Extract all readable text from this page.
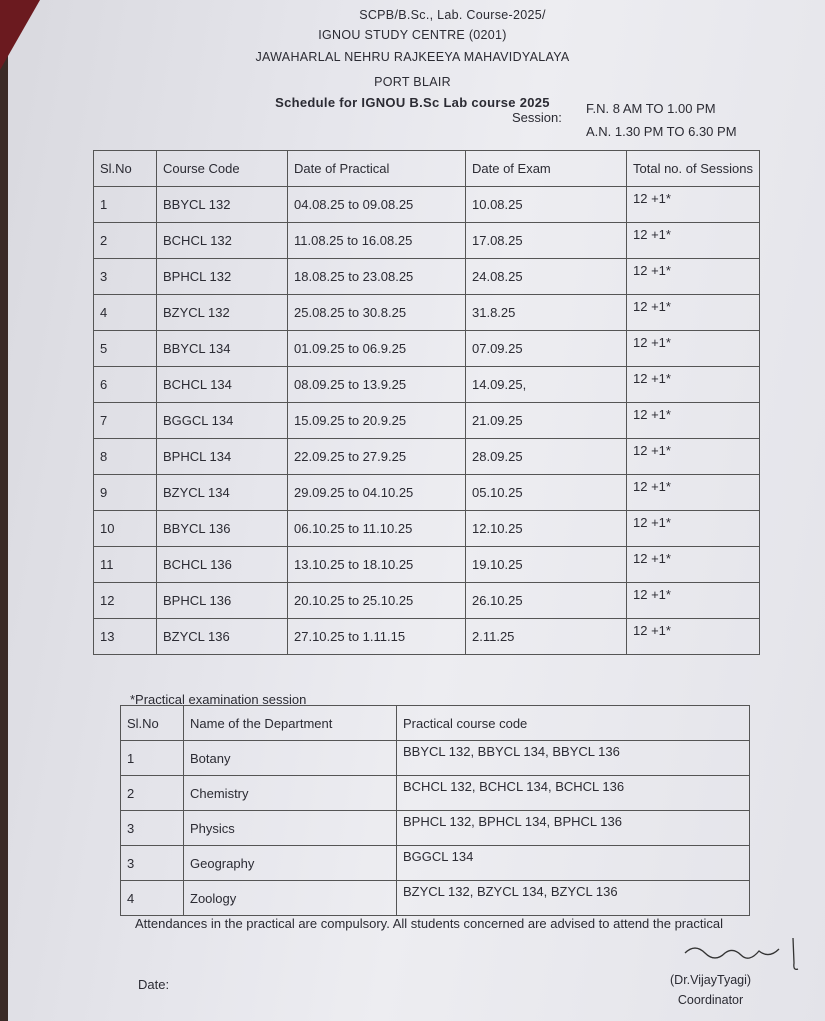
SCPB/B.Sc., Lab. Course-2025/
IGNOU STUDY CENTRE (0201)
JAWAHARLAL NEHRU RAJKEEYA MAHAVIDYALAYA
PORT BLAIR
Schedule for IGNOU B.Sc Lab course 2025
Session:
F.N. 8 AM TO 1.00 PM
A.N. 1.30 PM TO 6.30 PM
Sl.No	Course Code	Date of Practical	Date of Exam	Total no. of Sessions
1	BBYCL 132	04.08.25 to 09.08.25	10.08.25	12 +1*
2	BCHCL 132	11.08.25 to 16.08.25	17.08.25	12 +1*
3	BPHCL 132	18.08.25 to 23.08.25	24.08.25	12 +1*
4	BZYCL 132	25.08.25 to 30.8.25	31.8.25	12 +1*
5	BBYCL 134	01.09.25 to 06.9.25	07.09.25	12 +1*
6	BCHCL 134	08.09.25 to 13.9.25	14.09.25,	12 +1*
7	BGGCL 134	15.09.25 to 20.9.25	21.09.25	12 +1*
8	BPHCL 134	22.09.25 to 27.9.25	28.09.25	12 +1*
9	BZYCL 134	29.09.25 to 04.10.25	05.10.25	12 +1*
10	BBYCL 136	06.10.25 to 11.10.25	12.10.25	12 +1*
11	BCHCL 136	13.10.25 to 18.10.25	19.10.25	12 +1*
12	BPHCL 136	20.10.25 to 25.10.25	26.10.25	12 +1*
13	BZYCL 136	27.10.25 to 1.11.15	2.11.25	12 +1*
*Practical examination session
Sl.No	Name of the Department	Practical course code
1	Botany	BBYCL 132, BBYCL 134, BBYCL 136
2	Chemistry	BCHCL 132, BCHCL 134, BCHCL 136
3	Physics	BPHCL 132, BPHCL 134, BPHCL 136
3	Geography	BGGCL 134
4	Zoology	BZYCL 132, BZYCL 134, BZYCL 136
Attendances in the practical are compulsory. All students concerned are advised to attend the practical
Date:	(Dr.VijayTyagi)
Coordinator
